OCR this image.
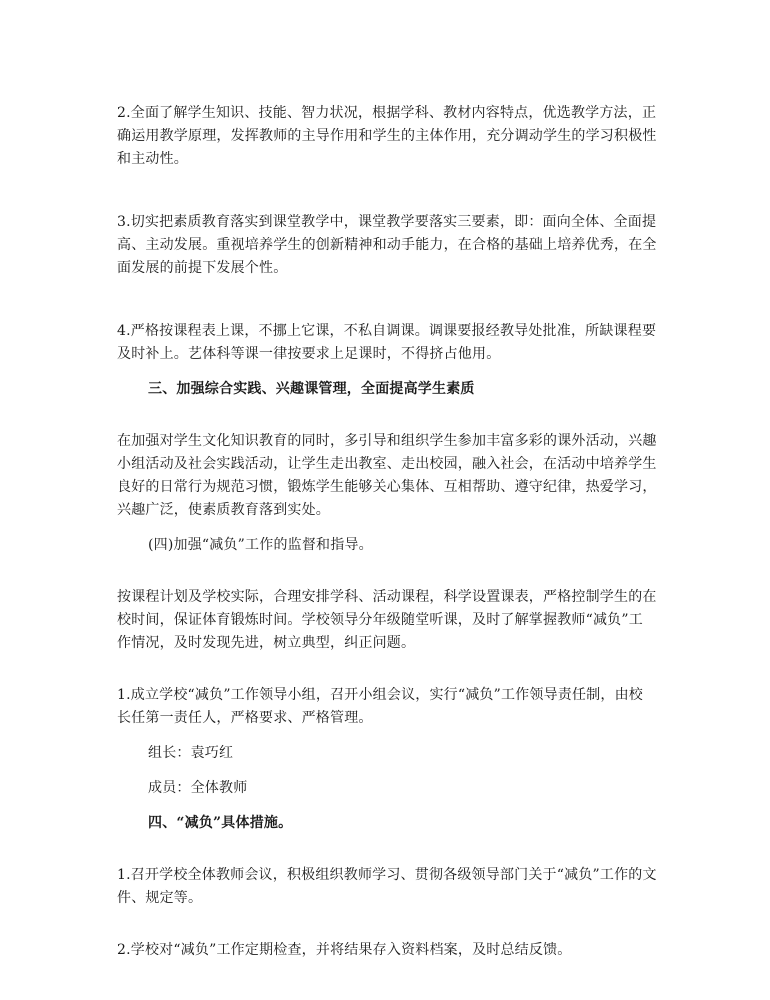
2.全面了解学生知识、技能、智力状况，根据学科、教材内容特点，优选教学方法，正确运用教学原理，发挥教师的主导作用和学生的主体作用，充分调动学生的学习积极性和主动性。

3.切实把素质教育落实到课堂教学中，课堂教学要落实三要素，即：面向全体、全面提高、主动发展。重视培养学生的创新精神和动手能力，在合格的基础上培养优秀，在全面发展的前提下发展个性。

4.严格按课程表上课，不挪上它课，不私自调课。调课要报经教导处批准，所缺课程要及时补上。艺体科等课一律按要求上足课时，不得挤占他用。

三、加强综合实践、兴趣课管理，全面提高学生素质

在加强对学生文化知识教育的同时，多引导和组织学生参加丰富多彩的课外活动，兴趣小组活动及社会实践活动，让学生走出教室、走出校园，融入社会，在活动中培养学生良好的日常行为规范习惯，锻炼学生能够关心集体、互相帮助、遵守纪律，热爱学习，兴趣广泛，使素质教育落到实处。

(四)加强“减负”工作的监督和指导。

按课程计划及学校实际，合理安排学科、活动课程，科学设置课表，严格控制学生的在校时间，保证体育锻炼时间。学校领导分年级随堂听课，及时了解掌握教师“减负”工作情况，及时发现先进，树立典型，纠正问题。

1.成立学校“减负”工作领导小组，召开小组会议，实行“减负”工作领导责任制，由校长任第一责任人，严格要求、严格管理。

组长：袁巧红

成员：全体教师

四、“减负”具体措施。

1.召开学校全体教师会议，积极组织教师学习、贯彻各级领导部门关于“减负”工作的文件、规定等。

2.学校对“减负”工作定期检查，并将结果存入资料档案，及时总结反馈。
